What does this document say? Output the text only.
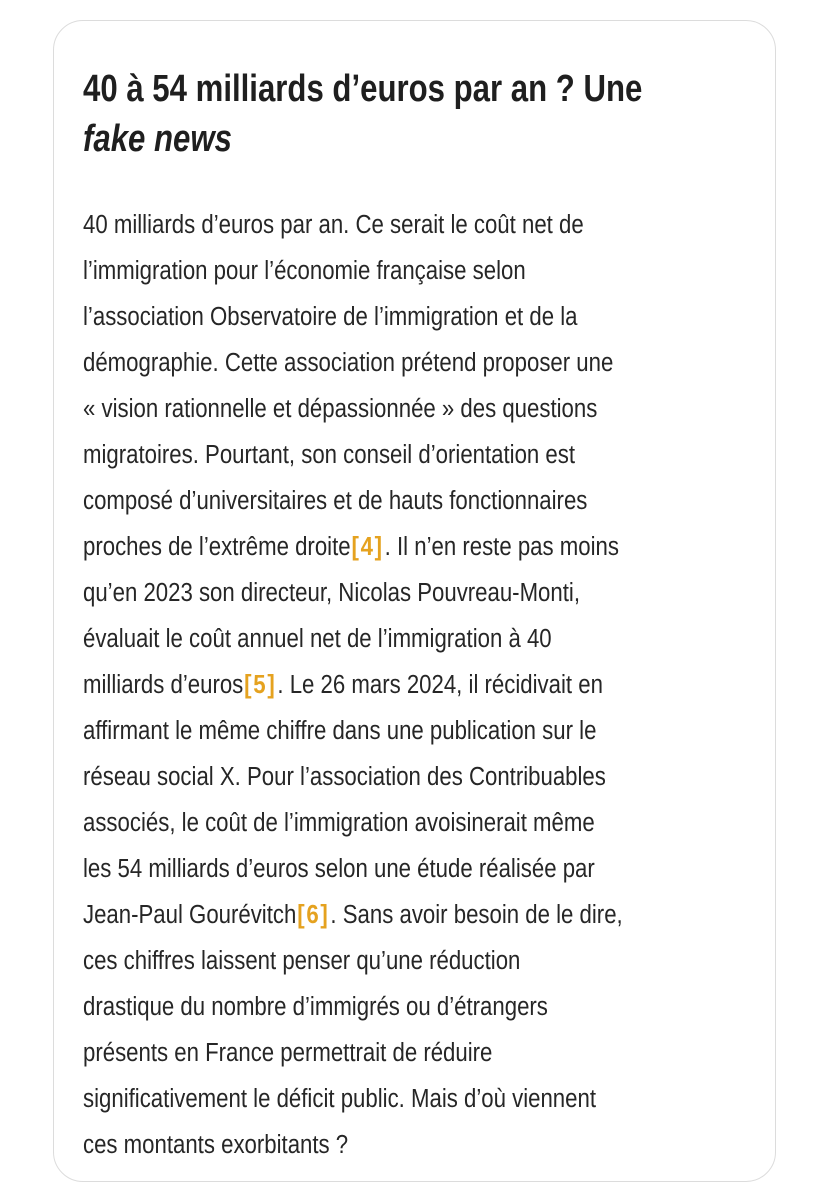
40 à 54 milliards d’euros par an ? Une
fake news
40 milliards d’euros par an. Ce serait le coût net de
l’immigration pour l’économie française selon
l’association Observatoire de l’immigration et de la
démographie. Cette association prétend proposer une
« vision rationnelle et dépassionnée » des questions
migratoires. Pourtant, son conseil d’orientation est
composé d’universitaires et de hauts fonctionnaires
proches de l’extrême droite[4]. Il n’en reste pas moins
qu’en 2023 son directeur, Nicolas Pouvreau-Monti,
évaluait le coût annuel net de l’immigration à 40
milliards d’euros[5]. Le 26 mars 2024, il récidivait en
affirmant le même chiffre dans une publication sur le
réseau social X. Pour l’association des Contribuables
associés, le coût de l’immigration avoisinerait même
les 54 milliards d’euros selon une étude réalisée par
Jean-Paul Gourévitch[6]. Sans avoir besoin de le dire,
ces chiffres laissent penser qu’une réduction
drastique du nombre d’immigrés ou d’étrangers
présents en France permettrait de réduire
significativement le déficit public. Mais d’où viennent
ces montants exorbitants ?
